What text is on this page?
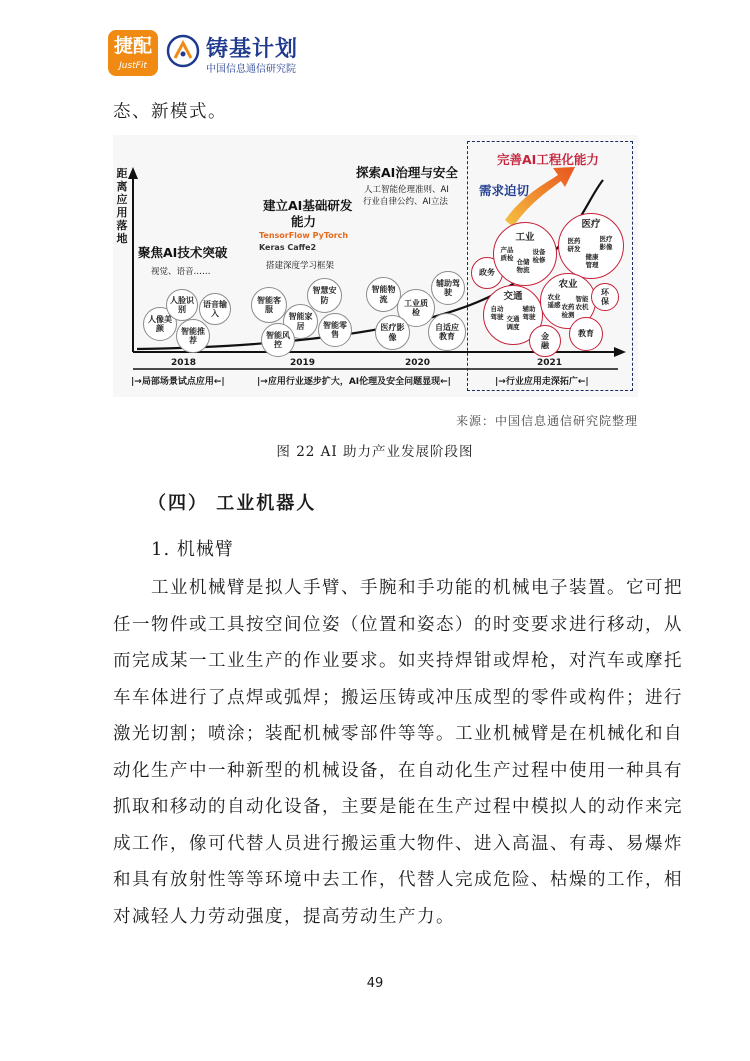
捷配
JustFit
铸基计划
中国信息通信研究院
态、新模式。
距离应用落地
聚焦AI技术突破
视觉、语音……
建立AI基础研发
能力
TensorFlow PyTorch
Keras Caffe2
搭建深度学习框架
探索AI治理与安全
人工智能伦理准则、AI
行业自律公约、AI立法
完善AI工程化能力
需求迫切
人像美颜
人脸识别
语音输入
智能推荐
智能客服
智能家居
智慧安防
智能风控
智能零售
智能物流	工业质检
辅助驾驶
医疗影像
自适应教育
政务
工业
产品质检
仓储物流
设备检修
医疗
医药研发
医疗影像
健康管理
交通
自动驾驶 交通调度
辅助驾驶
农业
农业遥感
智能农机
农药检测
环保
金融
教育
2018	2019	2020	2021
|→局部场景试点应用←|	|→应用行业逐步扩大，AI伦理及安全问题显现←|	|→行业应用走深拓广←|
来源：中国信息通信研究院整理
图 22 AI 助力产业发展阶段图
（四） 工业机器人
1. 机械臂

　　工业机械臂是拟人手臂、手腕和手功能的机械电子装置。它可把

任一物件或工具按空间位姿（位置和姿态）的时变要求进行移动，从

而完成某一工业生产的作业要求。如夹持焊钳或焊枪，对汽车或摩托

车车体进行了点焊或弧焊；搬运压铸或冲压成型的零件或构件；进行

激光切割；喷涂；装配机械零部件等等。工业机械臂是在机械化和自

动化生产中一种新型的机械设备，在自动化生产过程中使用一种具有

抓取和移动的自动化设备，主要是能在生产过程中模拟人的动作来完

成工作，像可代替人员进行搬运重大物件、进入高温、有毒、易爆炸

和具有放射性等等环境中去工作，代替人完成危险、枯燥的工作，相

对减轻人力劳动强度，提高劳动生产力。

49
